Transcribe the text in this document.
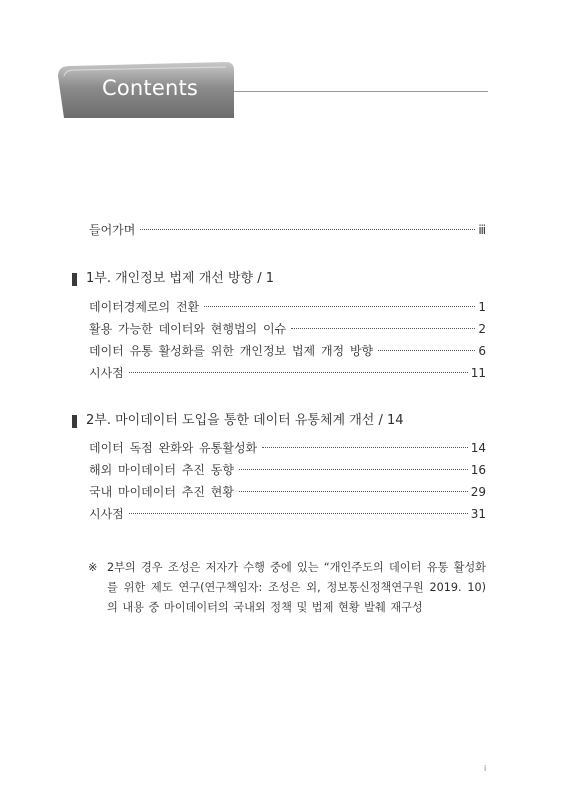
Contents
들어가며	ⅲ
1부. 개인정보 법제 개선 방향 / 1
데이터경제로의 전환	1
활용 가능한 데이터와 현행법의 이슈	2
데이터 유통 활성화를 위한 개인정보 법제 개정 방향	6
시사점	11
2부. 마이데이터 도입을 통한 데이터 유통체계 개선 / 14
데이터 독점 완화와 유통활성화	14
해외 마이데이터 추진 동향	16
국내 마이데이터 추진 현황	29
시사점	31
※ 2부의 경우 조성은 저자가 수행 중에 있는 “개인주도의 데이터 유통 활성화를 위한 제도 연구(연구책임자: 조성은 외, 정보통신정책연구원 2019. 10)의 내용 중 마이데이터의 국내외 정책 및 법제 현황 발췌 재구성
i
